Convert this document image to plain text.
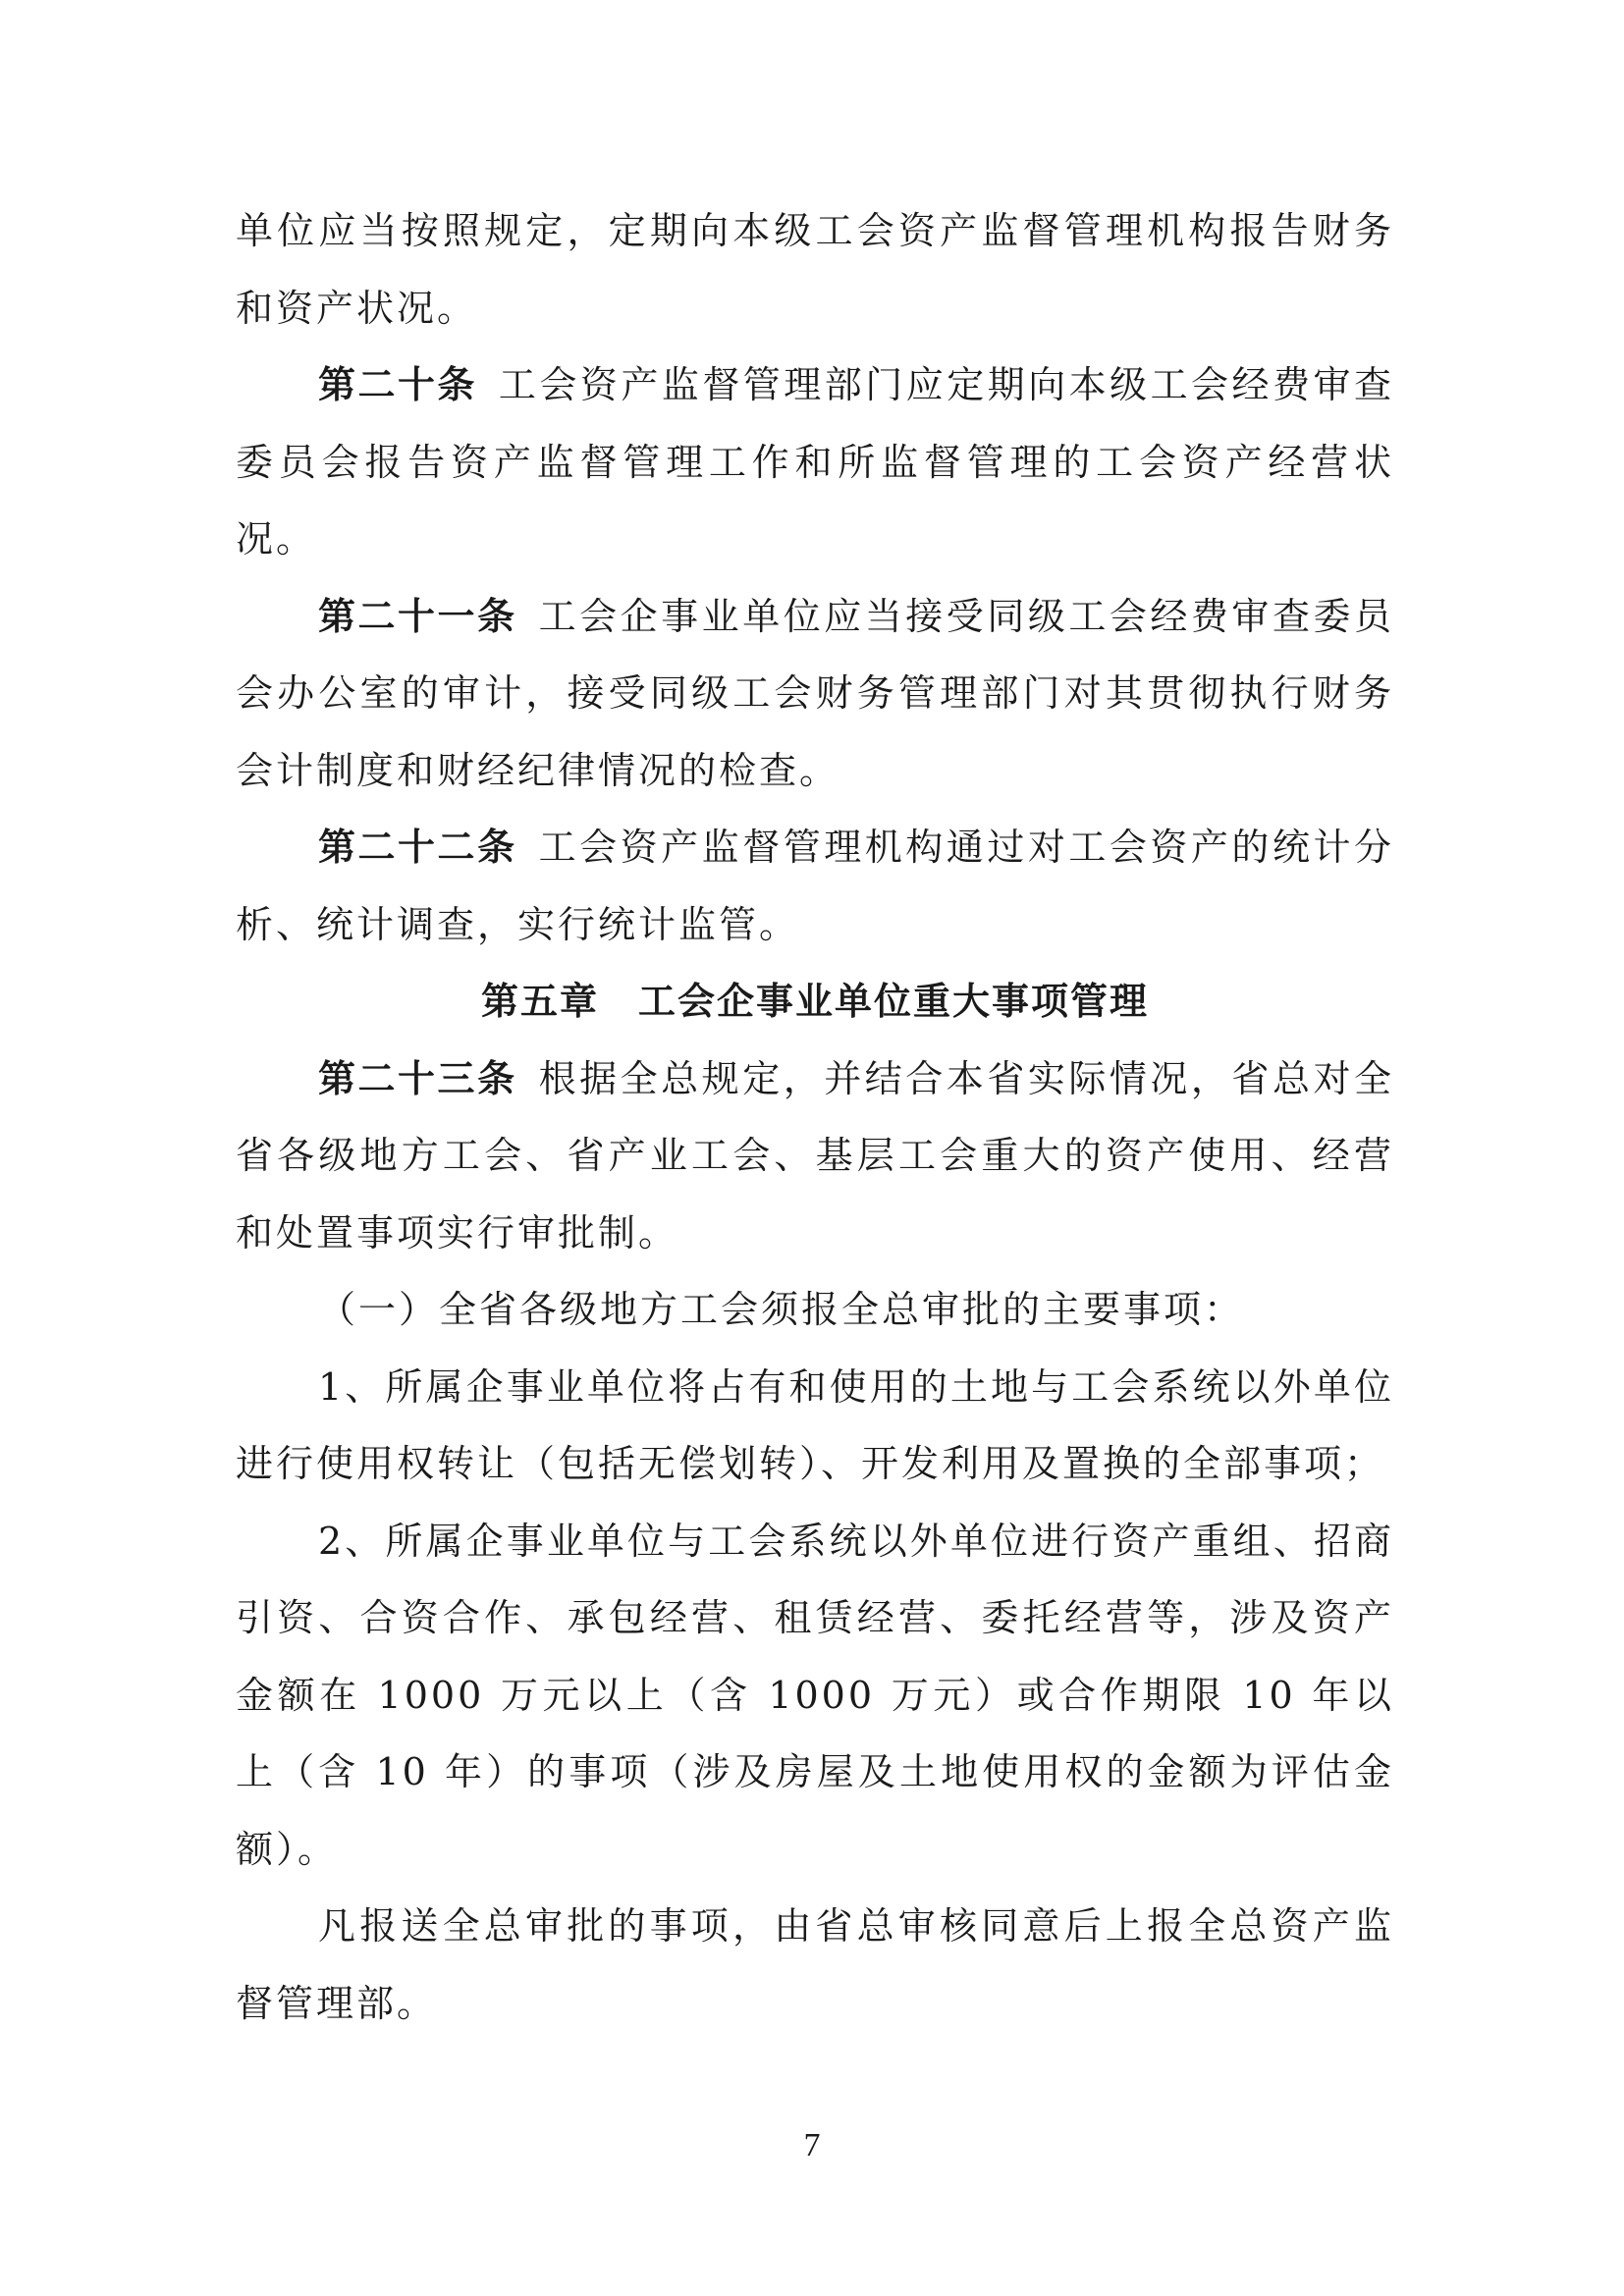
单位应当按照规定，定期向本级工会资产监督管理机构报告财务和资产状况。

第二十条 工会资产监督管理部门应定期向本级工会经费审查委员会报告资产监督管理工作和所监督管理的工会资产经营状况。

第二十一条 工会企事业单位应当接受同级工会经费审查委员会办公室的审计，接受同级工会财务管理部门对其贯彻执行财务会计制度和财经纪律情况的检查。

第二十二条 工会资产监督管理机构通过对工会资产的统计分析、统计调查，实行统计监管。

第五章　工会企事业单位重大事项管理

第二十三条 根据全总规定，并结合本省实际情况，省总对全省各级地方工会、省产业工会、基层工会重大的资产使用、经营和处置事项实行审批制。

（一）全省各级地方工会须报全总审批的主要事项：

1、所属企事业单位将占有和使用的土地与工会系统以外单位进行使用权转让（包括无偿划转）、开发利用及置换的全部事项；

2、所属企事业单位与工会系统以外单位进行资产重组、招商引资、合资合作、承包经营、租赁经营、委托经营等，涉及资产金额在 1000 万元以上（含 1000 万元）或合作期限 10 年以上（含 10 年）的事项（涉及房屋及土地使用权的金额为评估金额）。

凡报送全总审批的事项，由省总审核同意后上报全总资产监督管理部。

7
